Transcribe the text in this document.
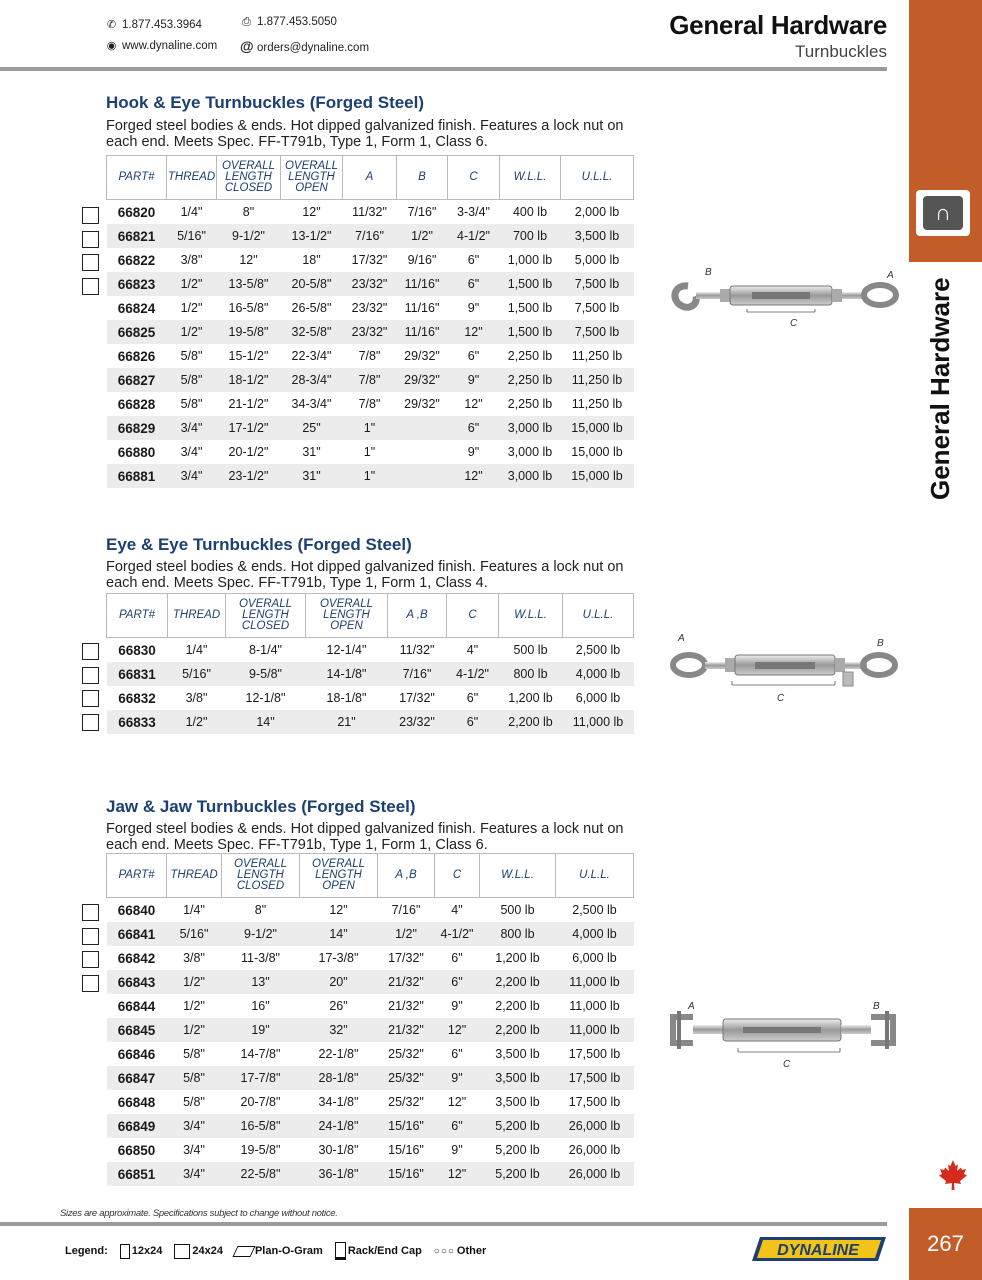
✆ 1.877.453.3964	⎙ 1.877.453.5050
◉ www.dynaline.com @ orders@dynaline.com
General Hardware
Turnbuckles
∩
General Hardware
Hook & Eye Turnbuckles (Forged Steel)
Forged steel bodies & ends. Hot dipped galvanized finish. Features a lock nut on each end. Meets Spec. FF-T791b, Type 1, Form 1, Class 6.
PART#	THREAD	OVERALL LENGTH CLOSED	OVERALL LENGTH OPEN	A	B	C	W.L.L.	U.L.L.
66820	1/4"	8"	12"	11/32"	7/16"	3-3/4"	400 lb	2,000 lb
66821	5/16"	9-1/2"	13-1/2"	7/16"	1/2"	4-1/2"	700 lb	3,500 lb
66822	3/8"	12"	18"	17/32"	9/16"	6"	1,000 lb	5,000 lb
66823	1/2"	13-5/8"	20-5/8"	23/32"	11/16"	6"	1,500 lb	7,500 lb
66824	1/2"	16-5/8"	26-5/8"	23/32"	11/16"	9"	1,500 lb	7,500 lb
66825	1/2"	19-5/8"	32-5/8"	23/32"	11/16"	12"	1,500 lb	7,500 lb
66826	5/8"	15-1/2"	22-3/4"	7/8"	29/32"	6"	2,250 lb	11,250 lb
66827	5/8"	18-1/2"	28-3/4"	7/8"	29/32"	9"	2,250 lb	11,250 lb
66828	5/8"	21-1/2"	34-3/4"	7/8"	29/32"	12"	2,250 lb	11,250 lb
66829	3/4"	17-1/2"	25"	1"		6"	3,000 lb	15,000 lb
66880	3/4"	20-1/2"	31"	1"		9"	3,000 lb	15,000 lb
66881	3/4"	23-1/2"	31"	1"		12"	3,000 lb	15,000 lb

Eye & Eye Turnbuckles (Forged Steel)
Forged steel bodies & ends. Hot dipped galvanized finish. Features a lock nut on each end. Meets Spec. FF-T791b, Type 1, Form 1, Class 4.
PART#	THREAD	OVERALL LENGTH CLOSED	OVERALL LENGTH OPEN	A ,B	C	W.L.L.	U.L.L.
66830	1/4"	8-1/4"	12-1/4"	11/32"	4"	500 lb	2,500 lb
66831	5/16"	9-5/8"	14-1/8"	7/16"	4-1/2"	800 lb	4,000 lb
66832	3/8"	12-1/8"	18-1/8"	17/32"	6"	1,200 lb	6,000 lb
66833	1/2"	14"	21"	23/32"	6"	2,200 lb	11,000 lb
Jaw & Jaw Turnbuckles (Forged Steel)
Forged steel bodies & ends. Hot dipped galvanized finish. Features a lock nut on each end. Meets Spec. FF-T791b, Type 1, Form 1, Class 6.
PART#	THREAD	OVERALL LENGTH CLOSED	OVERALL LENGTH OPEN	A ,B	C	W.L.L.	U.L.L.
66840	1/4"	8"	12"	7/16"	4"	500 lb	2,500 lb
66841	5/16"	9-1/2"	14"	1/2"	4-1/2"	800 lb	4,000 lb
66842	3/8"	11-3/8"	17-3/8"	17/32"	6"	1,200 lb	6,000 lb
66843	1/2"	13"	20"	21/32"	6"	2,200 lb	11,000 lb
66844	1/2"	16"	26"	21/32"	9"	2,200 lb	11,000 lb
66845	1/2"	19"	32"	21/32"	12"	2,200 lb	11,000 lb
66846	5/8"	14-7/8"	22-1/8"	25/32"	6"	3,500 lb	17,500 lb
66847	5/8"	17-7/8"	28-1/8"	25/32"	9"	3,500 lb	17,500 lb
66848	5/8"	20-7/8"	34-1/8"	25/32"	12"	3,500 lb	17,500 lb
66849	3/4"	16-5/8"	24-1/8"	15/16"	6"	5,200 lb	26,000 lb
66850	3/4"	19-5/8"	30-1/8"	15/16"	9"	5,200 lb	26,000 lb
66851	3/4"	22-5/8"	36-1/8"	15/16"	12"	5,200 lb	26,000 lb
B	A
C
A	B
C
A	B
C
Sizes are approximate. Specifications subject to change without notice.
Legend: 12x24	24x24	Plan-O-Gram Rack/End Cap ○○○ Other	DYNALINE	267
